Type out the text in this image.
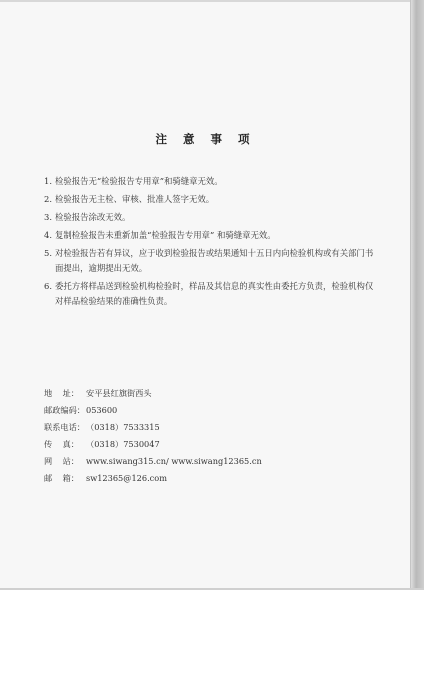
注 意 事 项
1. 检验报告无“检验报告专用章”和骑缝章无效。
2. 检验报告无主检、审核、批准人签字无效。
3. 检验报告涂改无效。
4. 复制检验报告未重新加盖“检验报告专用章” 和骑缝章无效。
5. 对检验报告若有异议，应于收到检验报告或结果通知十五日内向检验机构或有关部门书面提出，逾期提出无效。
6. 委托方将样品送到检验机构检验时，样品及其信息的真实性由委托方负责，检验机构仅对样品检验结果的准确性负责。
地    址： 安平县红旗街西头
邮政编码： 053600
联系电话： （0318）7533315
传    真： （0318）7530047
网    站： www.siwang315.cn/ www.siwang12365.cn
邮    箱： sw12365@126.com
